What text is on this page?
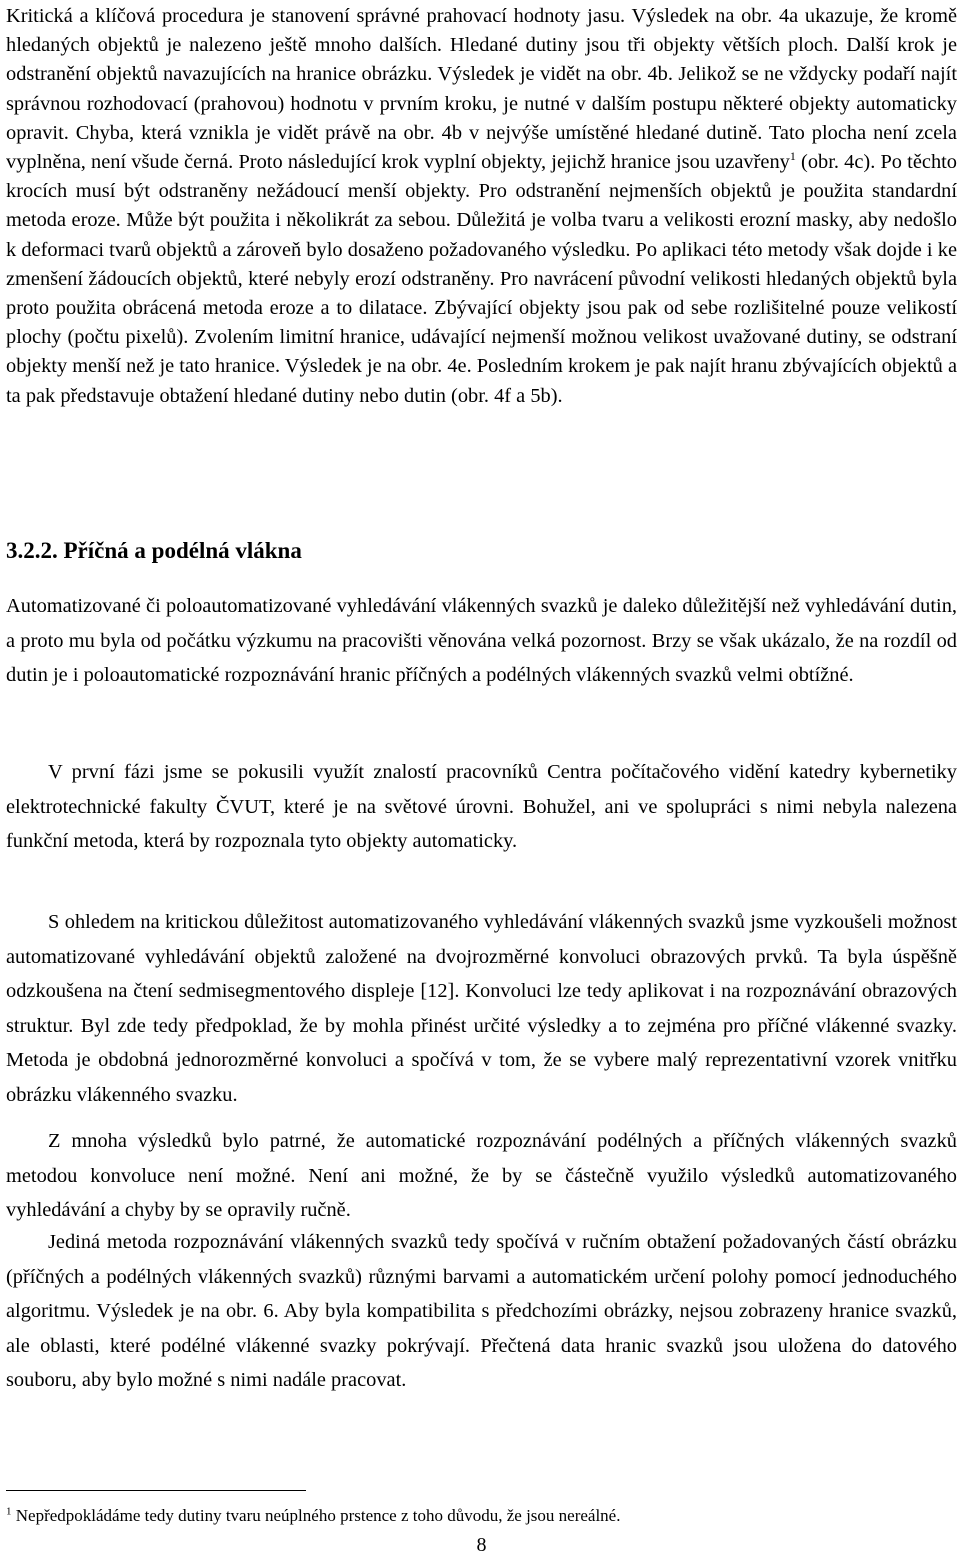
Kritická a klíčová procedura je stanovení správné prahovací hodnoty jasu. Výsledek na obr. 4a ukazuje, že kromě hledaných objektů je nalezeno ještě mnoho dalších. Hledané dutiny jsou tři objekty větších ploch. Další krok je odstranění objektů navazujících na hranice obrázku. Výsledek je vidět na obr. 4b. Jelikož se ne vždycky podaří najít správnou rozhodovací (prahovou) hodnotu v prvním kroku, je nutné v dalším postupu některé objekty automaticky opravit. Chyba, která vznikla je vidět právě na obr. 4b v nejvýše umístěné hledané dutině. Tato plocha není zcela vyplněna, není všude černá. Proto následující krok vyplní objekty, jejichž hranice jsou uzavřeny$^1$ (obr. 4c). Po těchto krocích musí být odstraněny nežádoucí menší objekty. Pro odstranění nejmenších objektů je použita standardní metoda eroze. Může být použita i několikrát za sebou. Důležitá je volba tvaru a velikosti erozní masky, aby nedošlo k deformaci tvarů objektů a zároveň bylo dosaženo požadovaného výsledku. Po aplikaci této metody však dojde i ke zmenšení žádoucích objektů, které nebyly erozí odstraněny. Pro navrácení původní velikosti hledaných objektů byla proto použita obrácená metoda eroze a to dilatace. Zbývající objekty jsou pak od sebe rozlišitelné pouze velikostí plochy (počtu pixelů). Zvolením limitní hranice, udávající nejmenší možnou velikost uvažované dutiny, se odstraní objekty menší než je tato hranice. Výsledek je na obr. 4e. Posledním krokem je pak najít hranu zbývajících objektů a ta pak představuje obtažení hledané dutiny nebo dutin (obr. 4f a 5b).

3.2.2. Příčná a podélná vlákna

Automatizované či poloautomatizované vyhledávání vlákenných svazků je daleko důležitější než vyhledávání dutin, a proto mu byla od počátku výzkumu na pracovišti věnována velká pozornost. Brzy se však ukázalo, že na rozdíl od dutin je i poloautomatické rozpoznávání hranic příčných a podélných vlákenných svazků velmi obtížné.

V první fázi jsme se pokusili využít znalostí pracovníků Centra počítačového vidění katedry kybernetiky elektrotechnické fakulty ČVUT, které je na světové úrovni. Bohužel, ani ve spolupráci s nimi nebyla nalezena funkční metoda, která by rozpoznala tyto objekty automaticky.

S ohledem na kritickou důležitost automatizovaného vyhledávání vlákenných svazků jsme vyzkoušeli možnost automatizované vyhledávání objektů založené na dvojrozměrné konvoluci obrazových prvků. Ta byla úspěšně odzkoušena na čtení sedmisegmentového displeje [12]. Konvoluci lze tedy aplikovat i na rozpoznávání obrazových struktur. Byl zde tedy předpoklad, že by mohla přinést určité výsledky a to zejména pro příčné vlákenné svazky. Metoda je obdobná jednorozměrné konvoluci a spočívá v tom, že se vybere malý reprezentativní vzorek vnitřku obrázku vlákenného svazku.

Z mnoha výsledků bylo patrné, že automatické rozpoznávání podélných a příčných vlákenných svazků metodou konvoluce není možné. Není ani možné, že by se částečně využilo výsledků automatizovaného vyhledávání a chyby by se opravily ručně.

Jediná metoda rozpoznávání vlákenných svazků tedy spočívá v ručním obtažení požadovaných částí obrázku (příčných a podélných vlákenných svazků) různými barvami a automatickém určení polohy pomocí jednoduchého algoritmu. Výsledek je na obr. 6. Aby byla kompatibilita s předchozími obrázky, nejsou zobrazeny hranice svazků, ale oblasti, které podélné vlákenné svazky pokrývají. Přečtená data hranic svazků jsou uložena do datového souboru, aby bylo možné s nimi nadále pracovat.

$^1$ Nepředpokládáme tedy dutiny tvaru neúplného prstence z toho důvodu, že jsou nereálné.

8
